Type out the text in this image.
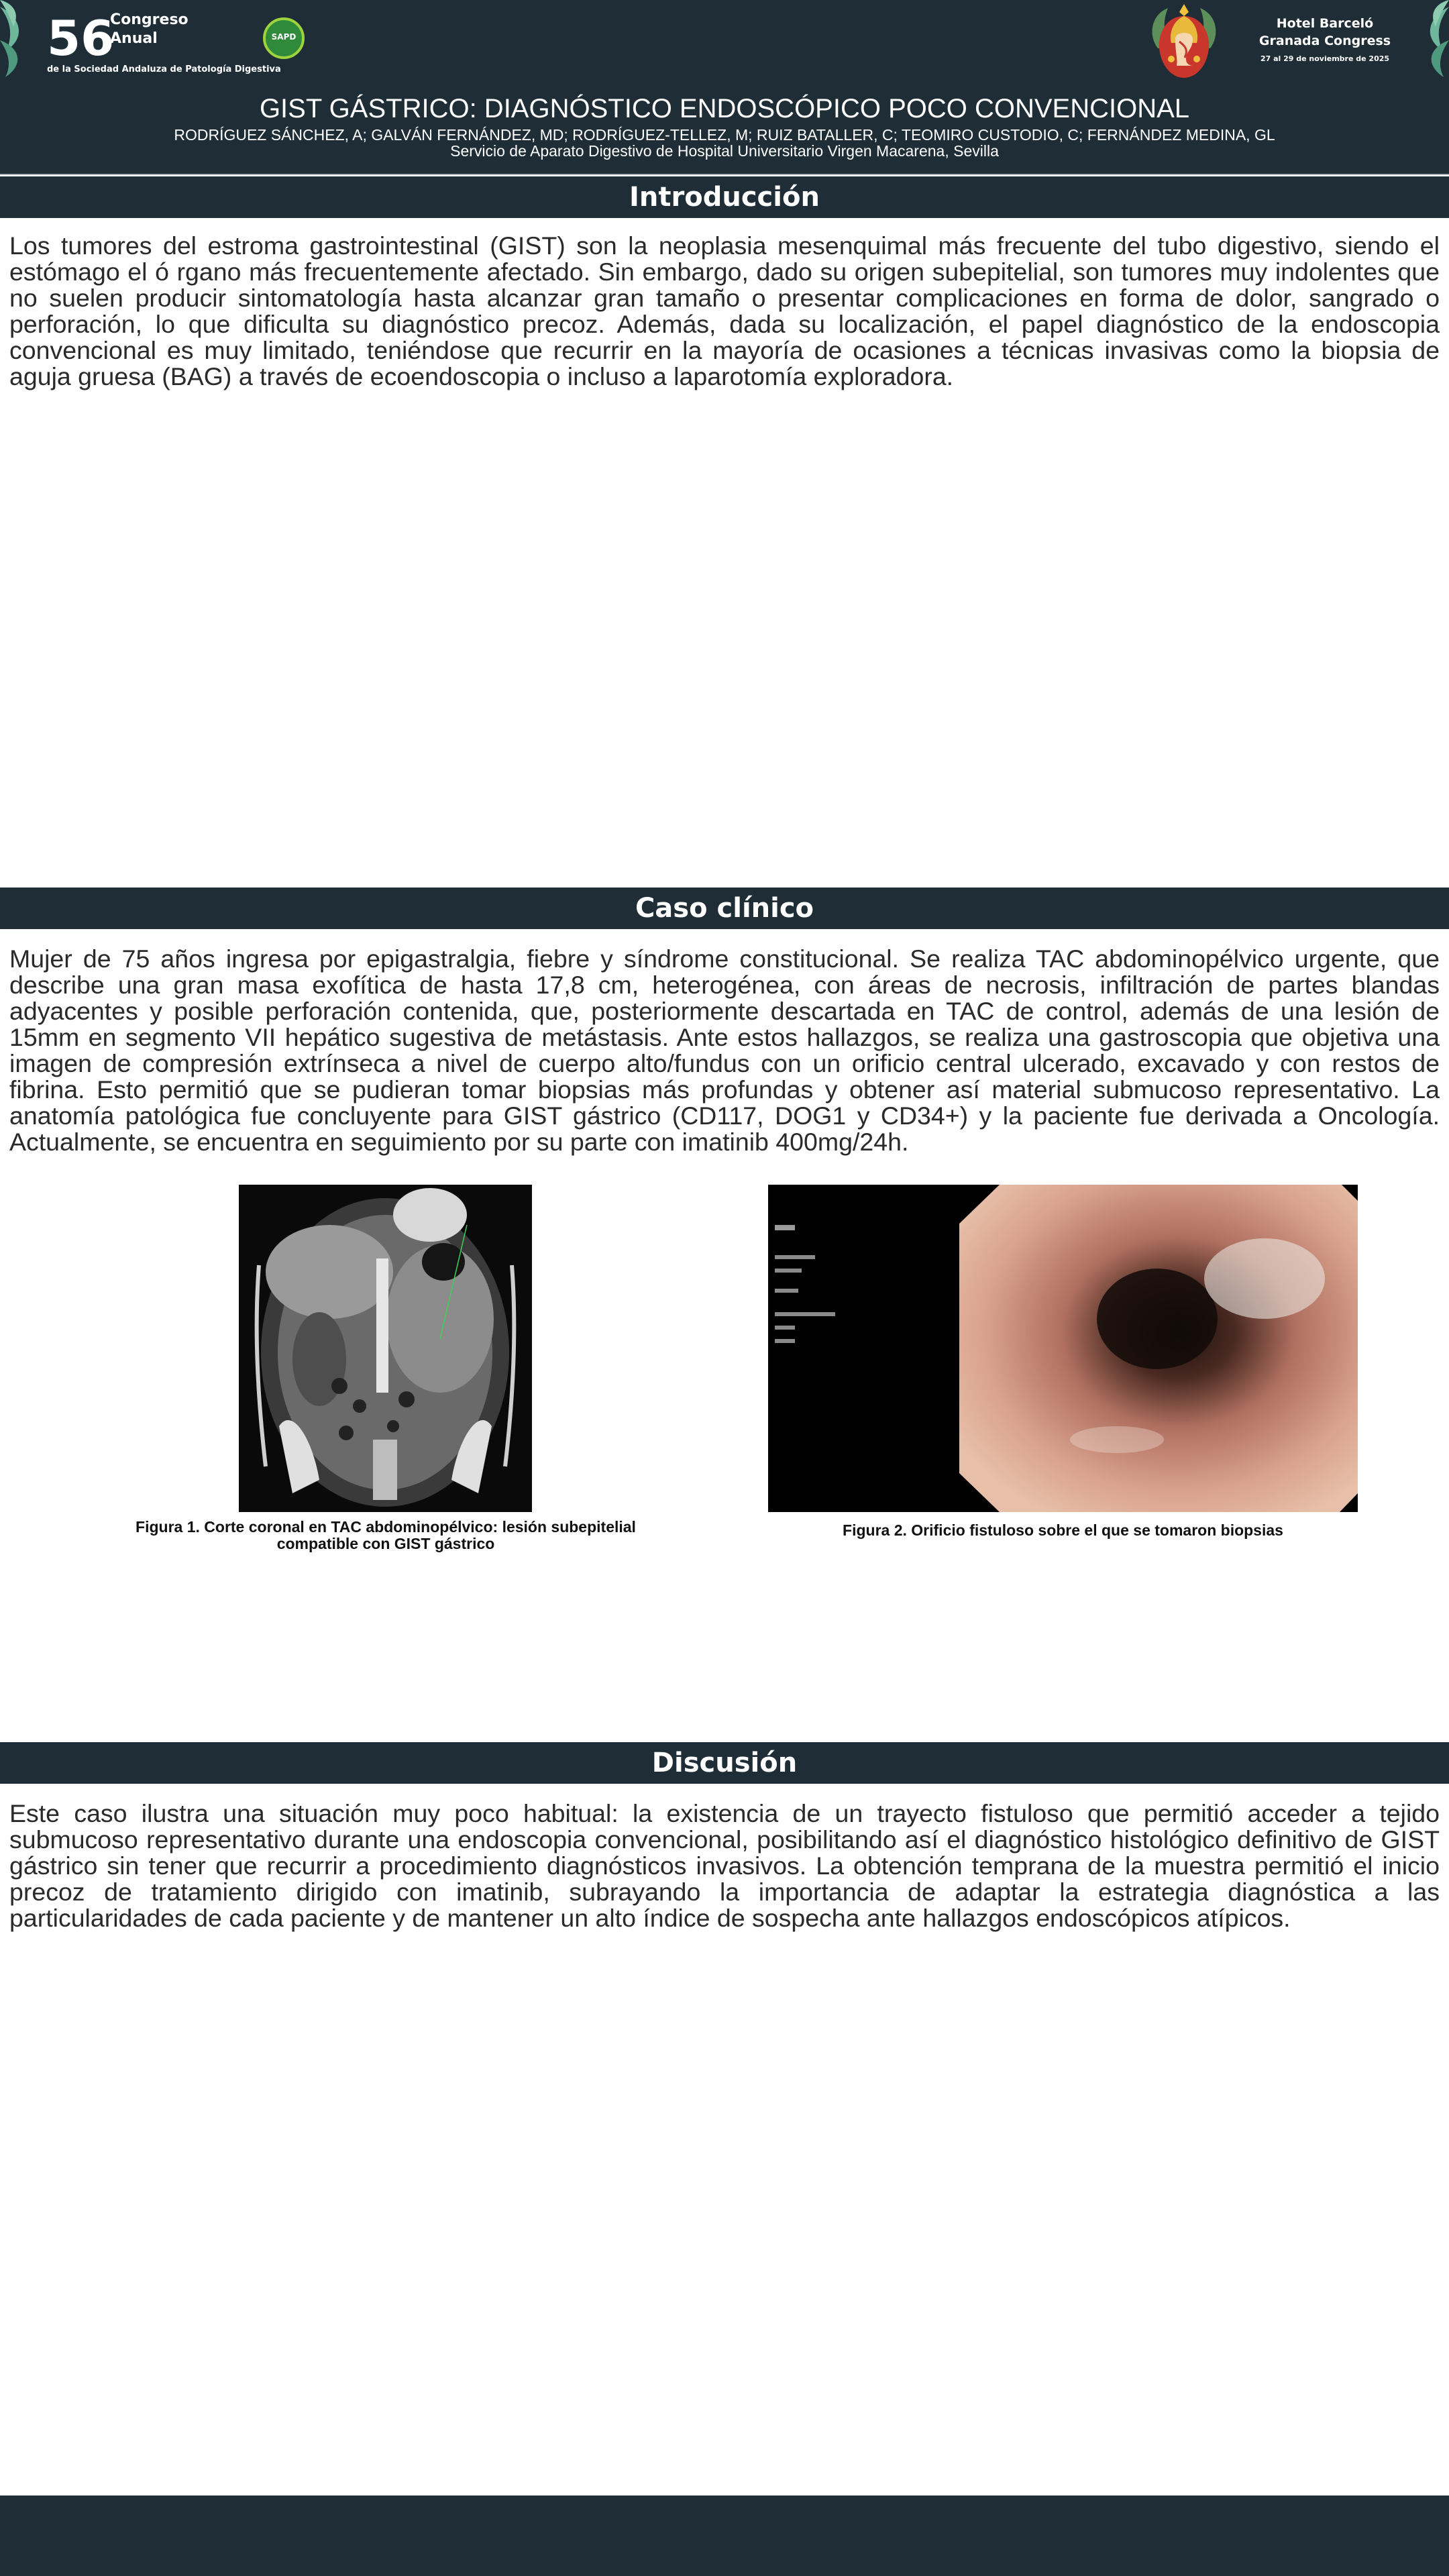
56
Congreso
Anual
de la Sociedad Andaluza de Patología Digestiva
SAPD
Hotel Barceló
Granada Congress
27 al 29 de noviembre de 2025
GIST GÁSTRICO: DIAGNÓSTICO ENDOSCÓPICO POCO CONVENCIONAL
RODRÍGUEZ SÁNCHEZ, A; GALVÁN FERNÁNDEZ, MD; RODRÍGUEZ-TELLEZ, M; RUIZ BATALLER, C; TEOMIRO CUSTODIO, C; FERNÁNDEZ MEDINA, GL
Servicio de Aparato Digestivo de Hospital Universitario Virgen Macarena, Sevilla
Introducción

Los tumores del estroma gastrointestinal (GIST) son la neoplasia mesenquimal más frecuente del tubo digestivo, siendo el estómago el ó rgano más frecuentemente afectado. Sin embargo, dado su origen subepitelial, son tumores muy indolentes que no suelen producir sintomatología hasta alcanzar gran tamaño o presentar complicaciones en forma de dolor, sangrado o perforación, lo que dificulta su diagnóstico precoz. Además, dada su localización, el papel diagnóstico de la endoscopia convencional es muy limitado, teniéndose que recurrir en la mayoría de ocasiones a técnicas invasivas como la biopsia de aguja gruesa (BAG) a través de ecoendoscopia o incluso a laparotomía exploradora.

Caso clínico

Mujer de 75 años ingresa por epigastralgia, fiebre y síndrome constitucional. Se realiza TAC abdominopélvico urgente, que describe una gran masa exofítica de hasta 17,8 cm, heterogénea, con áreas de necrosis, infiltración de partes blandas adyacentes y posible perforación contenida, que, posteriormente descartada en TAC de control, además de una lesión de 15mm en segmento VII hepático sugestiva de metástasis. Ante estos hallazgos, se realiza una gastroscopia que objetiva una imagen de compresión extrínseca a nivel de cuerpo alto/fundus con un orificio central ulcerado, excavado y con restos de fibrina. Esto permitió que se pudieran tomar biopsias más profundas y obtener así material submucoso representativo. La anatomía patológica fue concluyente para GIST gástrico (CD117, DOG1 y CD34+) y la paciente fue derivada a Oncología. Actualmente, se encuentra en seguimiento por su parte con imatinib 400mg/24h.

Figura 1. Corte coronal en TAC abdominopélvico: lesión subepitelial compatible con GIST gástrico
Figura 2. Orificio fistuloso sobre el que se tomaron biopsias
Discusión

Este caso ilustra una situación muy poco habitual: la existencia de un trayecto fistuloso que permitió acceder a tejido submucoso representativo durante una endoscopia convencional, posibilitando así el diagnóstico histológico definitivo de GIST gástrico sin tener que recurrir a procedimiento diagnósticos invasivos. La obtención temprana de la muestra permitió el inicio precoz de tratamiento dirigido con imatinib, subrayando la importancia de adaptar la estrategia diagnóstica a las particularidades de cada paciente y de mantener un alto índice de sospecha ante hallazgos endoscópicos atípicos.
